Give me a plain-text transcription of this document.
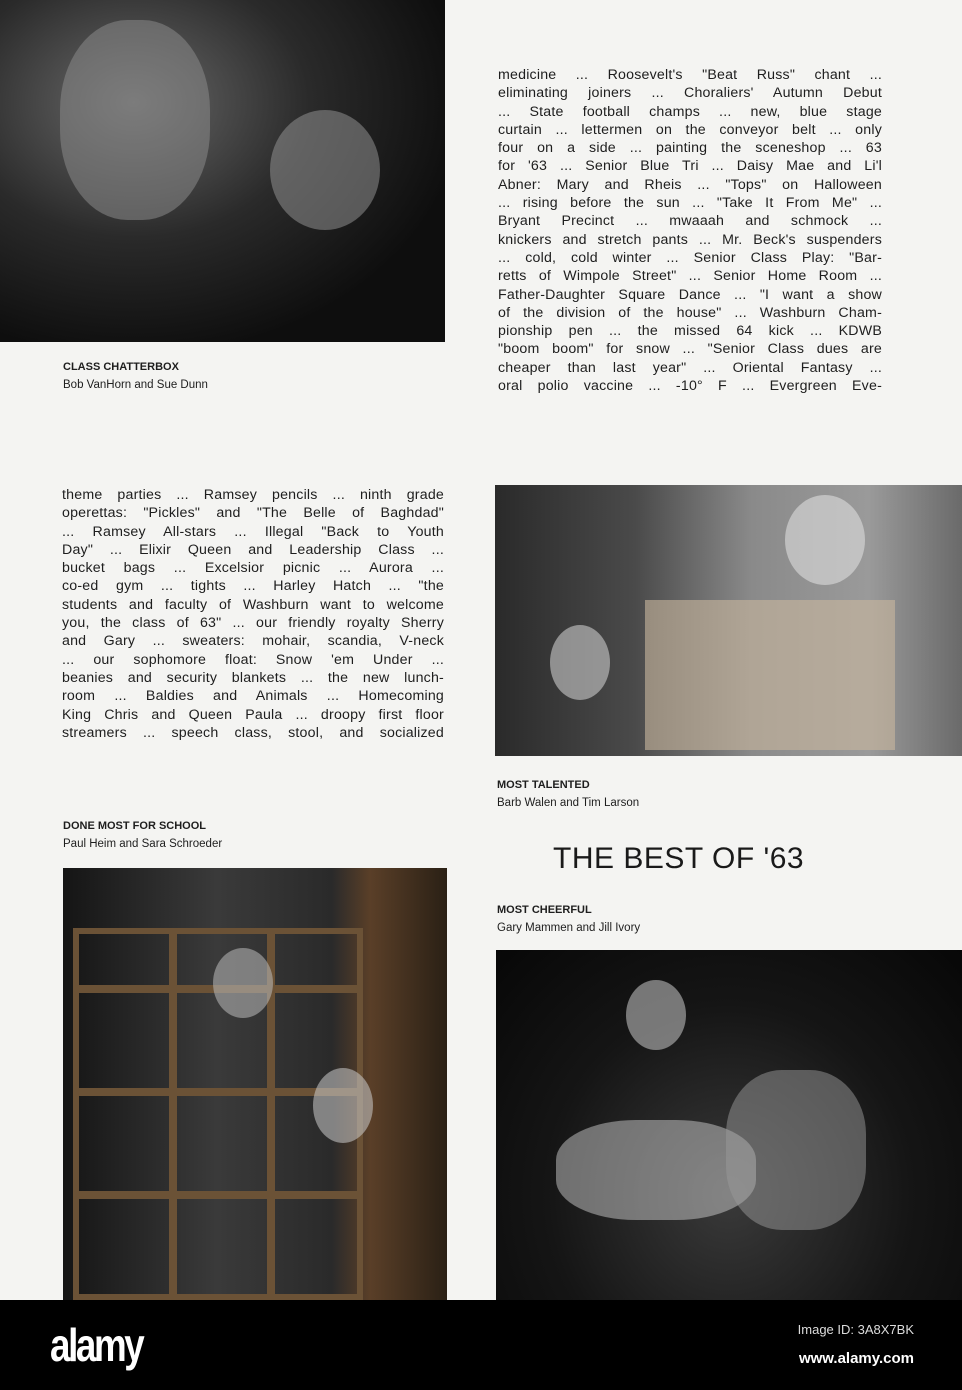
CLASS CHATTERBOX
Bob VanHorn and Sue Dunn
medicine ... Roosevelt's "Beat Russ" chant ...
eliminating joiners ... Choraliers' Autumn Debut
... State football champs ... new, blue stage
curtain ... lettermen on the conveyor belt ... only
four on a side ... painting the sceneshop ... 63
for '63 ... Senior Blue Tri ... Daisy Mae and Li'l
Abner: Mary and Rheis ... "Tops" on Halloween
... rising before the sun ... "Take It From Me" ...
Bryant Precinct ... mwaaah and schmock ...
knickers and stretch pants ... Mr. Beck's suspenders
... cold, cold winter ... Senior Class Play: "Bar-
retts of Wimpole Street" ... Senior Home Room ...
Father-Daughter Square Dance ... "I want a show
of the division of the house" ... Washburn Cham-
pionship pen ... the missed 64 kick ... KDWB
"boom boom" for snow ... "Senior Class dues are
cheaper than last year" ... Oriental Fantasy ...
oral polio vaccine ... -10° F ... Evergreen Eve-
theme parties ... Ramsey pencils ... ninth grade
operettas: "Pickles" and "The Belle of Baghdad"
... Ramsey All-stars ... Illegal "Back to Youth
Day" ... Elixir Queen and Leadership Class ...
bucket bags ... Excelsior picnic ... Aurora ...
co-ed gym ... tights ... Harley Hatch ... "the
students and faculty of Washburn want to welcome
you, the class of 63" ... our friendly royalty Sherry
and Gary ... sweaters: mohair, scandia, V-neck
... our sophomore float: Snow 'em Under ...
beanies and security blankets ... the new lunch-
room ... Baldies and Animals ... Homecoming
King Chris and Queen Paula ... droopy first floor
streamers ... speech class, stool, and socialized
MOST TALENTED
Barb Walen and Tim Larson
DONE MOST FOR SCHOOL
Paul Heim and Sara Schroeder	THE BEST OF '63
MOST CHEERFUL
Gary Mammen and Jill Ivory
alamy	Image ID: 3A8X7BK
www.alamy.com
